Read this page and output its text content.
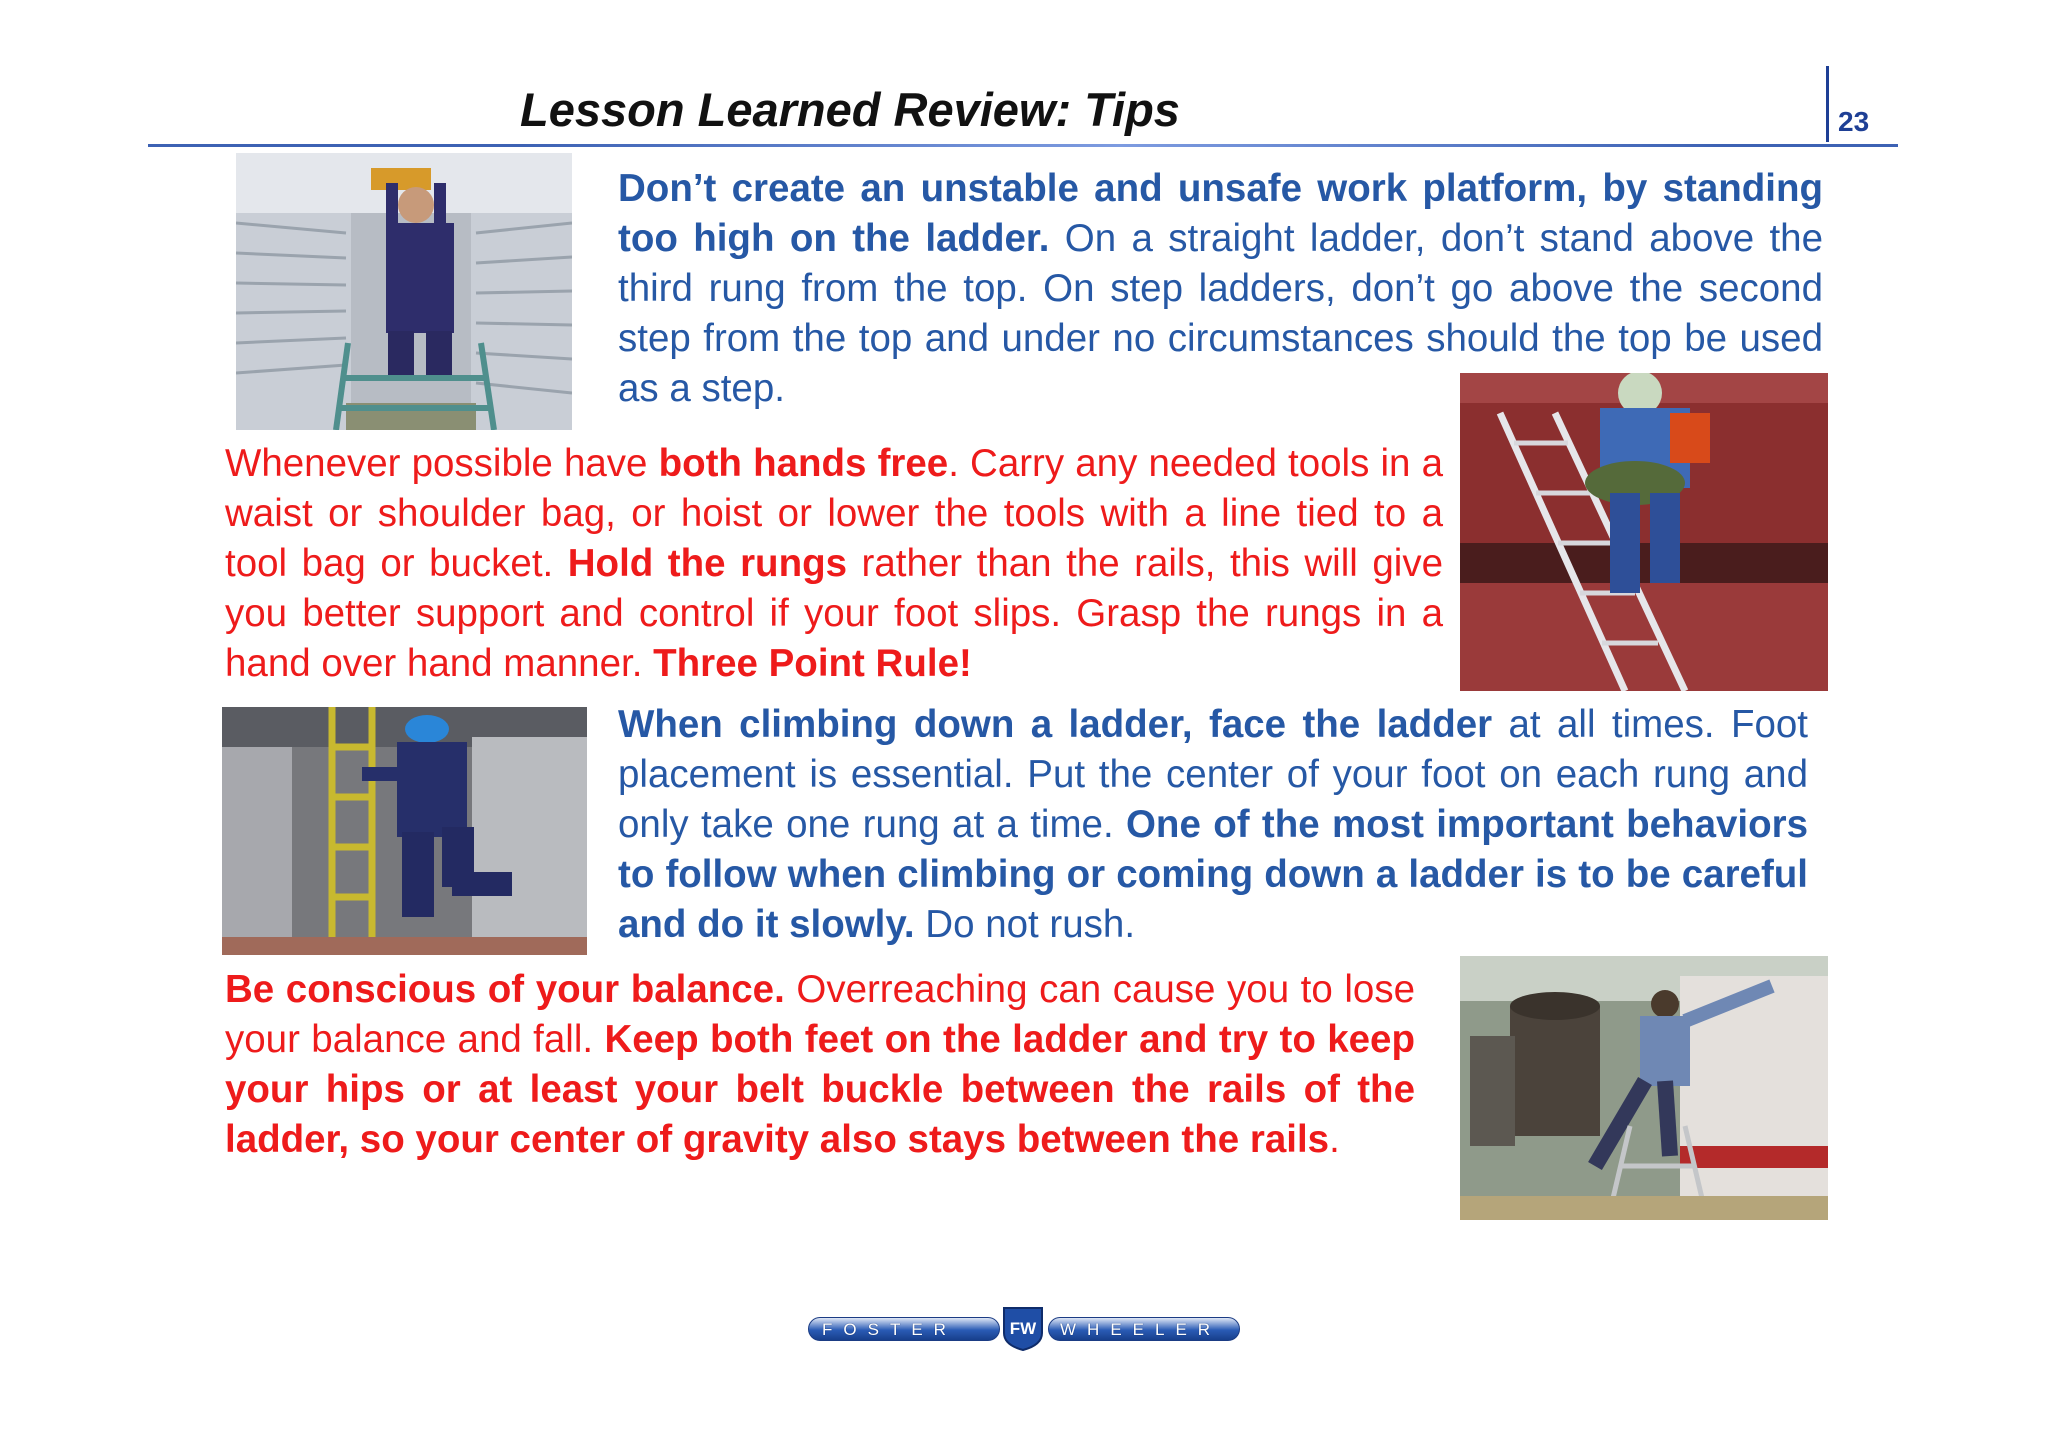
Lesson Learned Review: Tips	23
Don’t create an unstable and unsafe work platform, by standing too high on the ladder. On a straight ladder, don’t stand above the third rung from the top. On step ladders, don’t go above the second step from the top and under no circumstances should the top be used as a step.
Whenever possible have both hands free. Carry any needed tools in a waist or shoulder bag, or hoist or lower the tools with a line tied to a tool bag or bucket. Hold the rungs rather than the rails, this will give you better support and control if your foot slips. Grasp the rungs in a hand over hand manner. Three Point Rule!
When climbing down a ladder, face the ladder at all times. Foot placement is essential. Put the center of your foot on each rung and only take one rung at a time. One of the most important behaviors to follow when climbing or coming down a ladder is to be careful and do it slowly. Do not rush.
Be conscious of your balance. Overreaching can cause you to lose your balance and fall. Keep both feet on the ladder and try to keep your hips or at least your belt buckle between the rails of the ladder, so your center of gravity also stays between the rails.
FOSTER	WHEELER
FW
